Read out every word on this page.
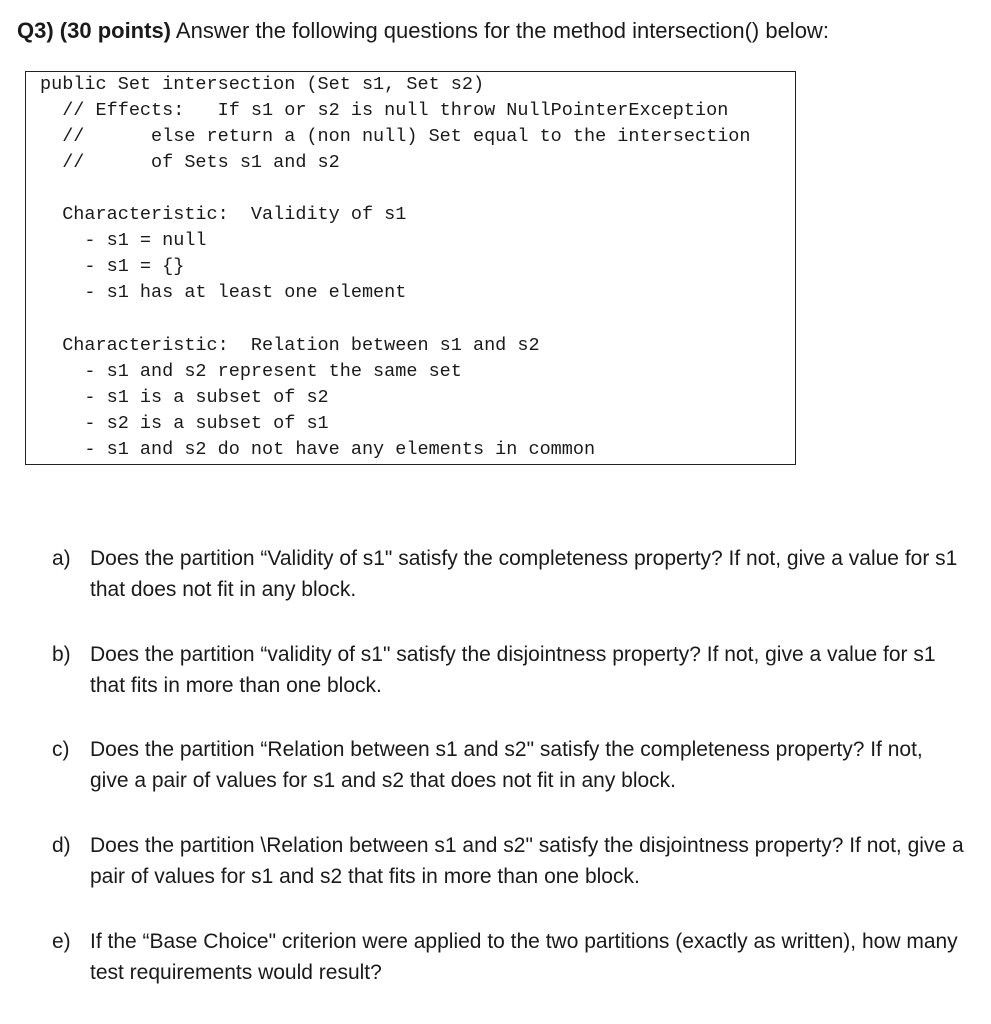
Q3) (30 points) Answer the following questions for the method intersection() below:
public Set intersection (Set s1, Set s2)
// Effects:   If s1 or s2 is null throw NullPointerException
//      else return a (non null) Set equal to the intersection
//      of Sets s1 and s2
Characteristic:  Validity of s1
- s1 = null
- s1 = {}
- s1 has at least one element
Characteristic:  Relation between s1 and s2
- s1 and s2 represent the same set
- s1 is a subset of s2
- s2 is a subset of s1
- s1 and s2 do not have any elements in common
a) Does the partition “Validity of s1" satisfy the completeness property? If not, give a value for s1 that does not fit in any block.
b) Does the partition “validity of s1" satisfy the disjointness property? If not, give a value for s1 that fits in more than one block.
c) Does the partition “Relation between s1 and s2" satisfy the completeness property? If not, give a pair of values for s1 and s2 that does not fit in any block.
d) Does the partition \Relation between s1 and s2" satisfy the disjointness property? If not, give a pair of values for s1 and s2 that fits in more than one block.
e) If the “Base Choice" criterion were applied to the two partitions (exactly as written), how many test requirements would result?
